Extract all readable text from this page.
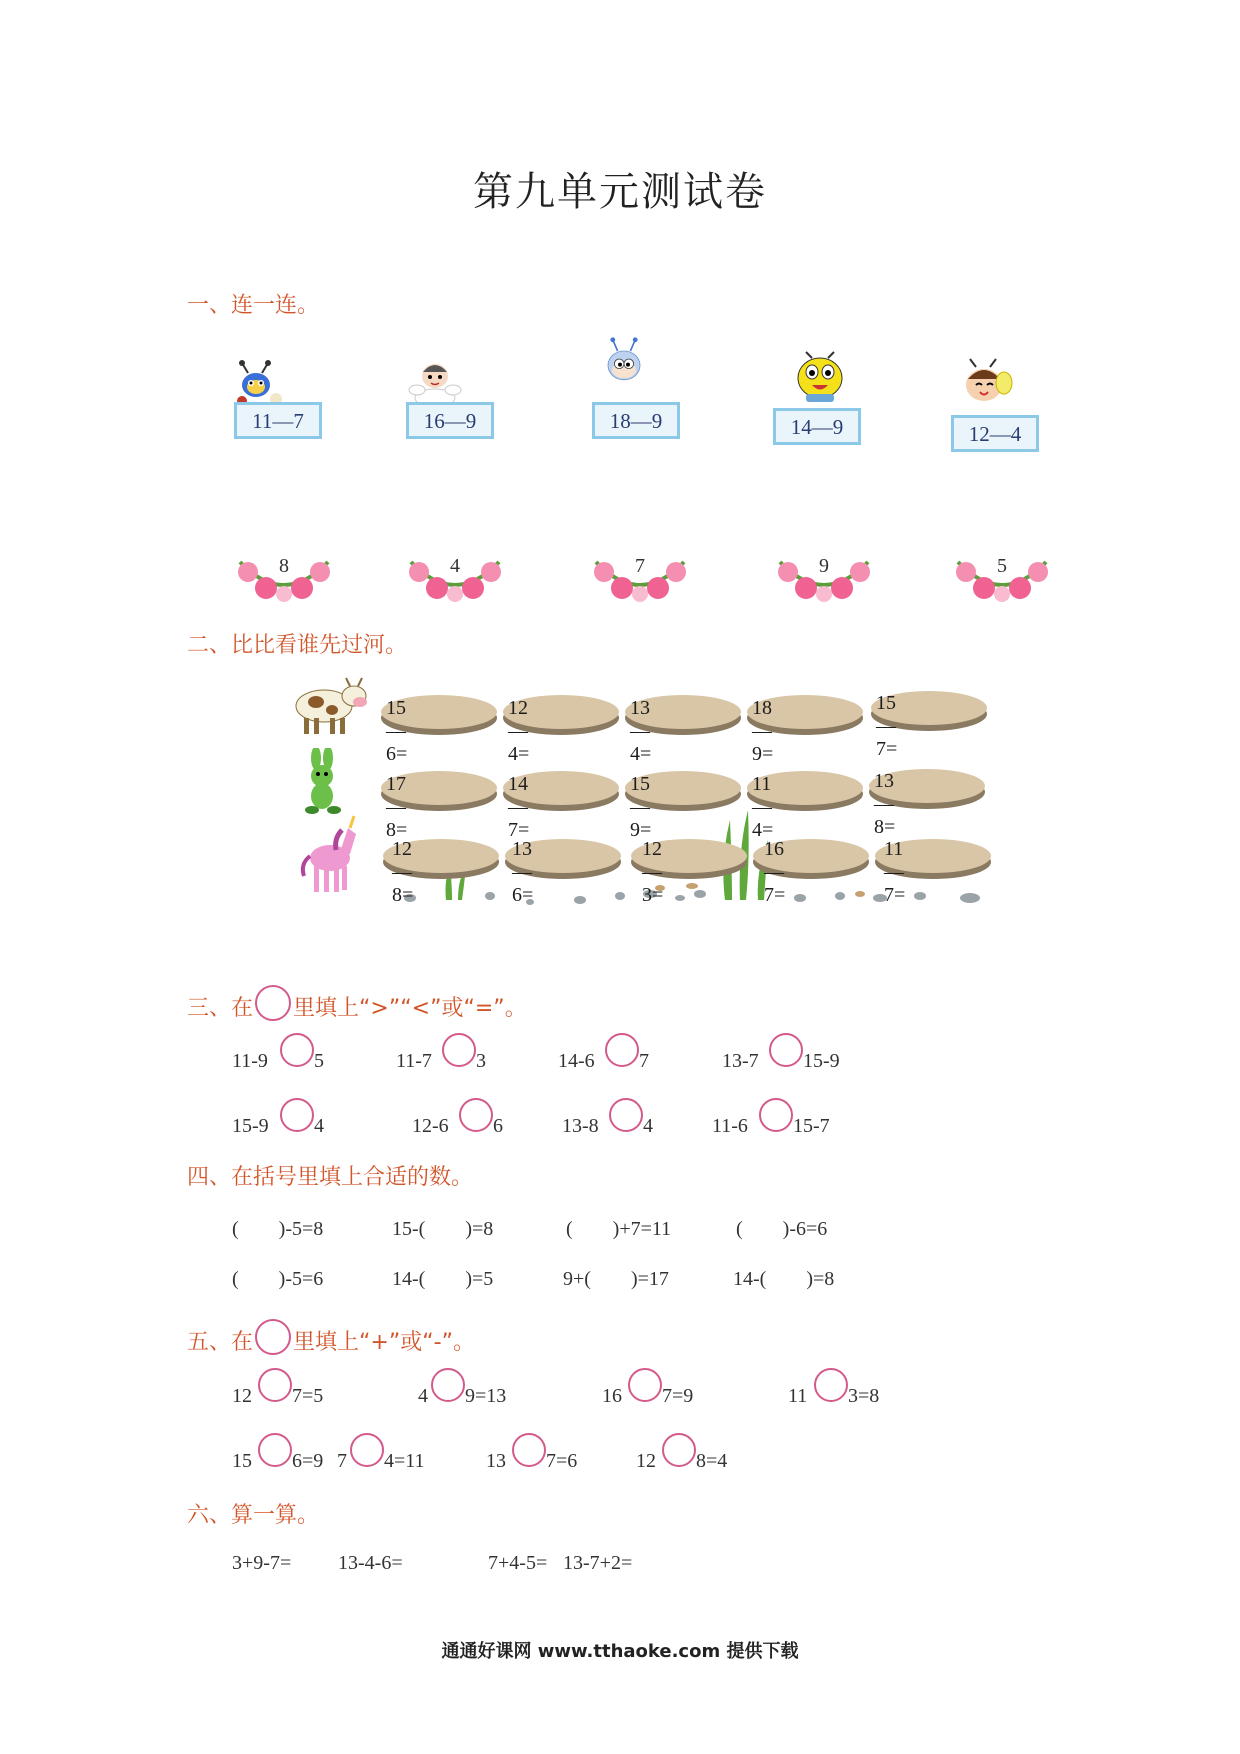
第九单元测试卷
一、连一连。
11—7	16—9	18—9	14—9	12—4
8	4	7	9	5
二、比比看谁先过河。
15—6=
12—4=
13—4=
18—9=
15—7=
17—8=
14—7=
15—9=
11—4=
13—8=
12—8=
13—6=
12—3=
16—7=
11—7=
三、在 里填上“>”“<”或“=”。
11-9 5	11-7 3	14-6 7	13-7 15-9
15-9 4	12-6 6	13-8 4	11-6 15-7
四、在括号里填上合适的数。
(　　)-5=8	15-(　　)=8	(　　)+7=11	(　　)-6=6
(　　)-5=6	14-(　　)=5	9+(　　)=17	14-(　　)=8
五、在 里填上“+”或“-”。
12 7=5	4 9=13	16 7=9	11 3=8
15 6=9 7 4=11	13 7=6	12 8=4
六、算一算。
3+9-7= 13-4-6=	7+4-5= 13-7+2=
通通好课网 www.tthaoke.com 提供下载
